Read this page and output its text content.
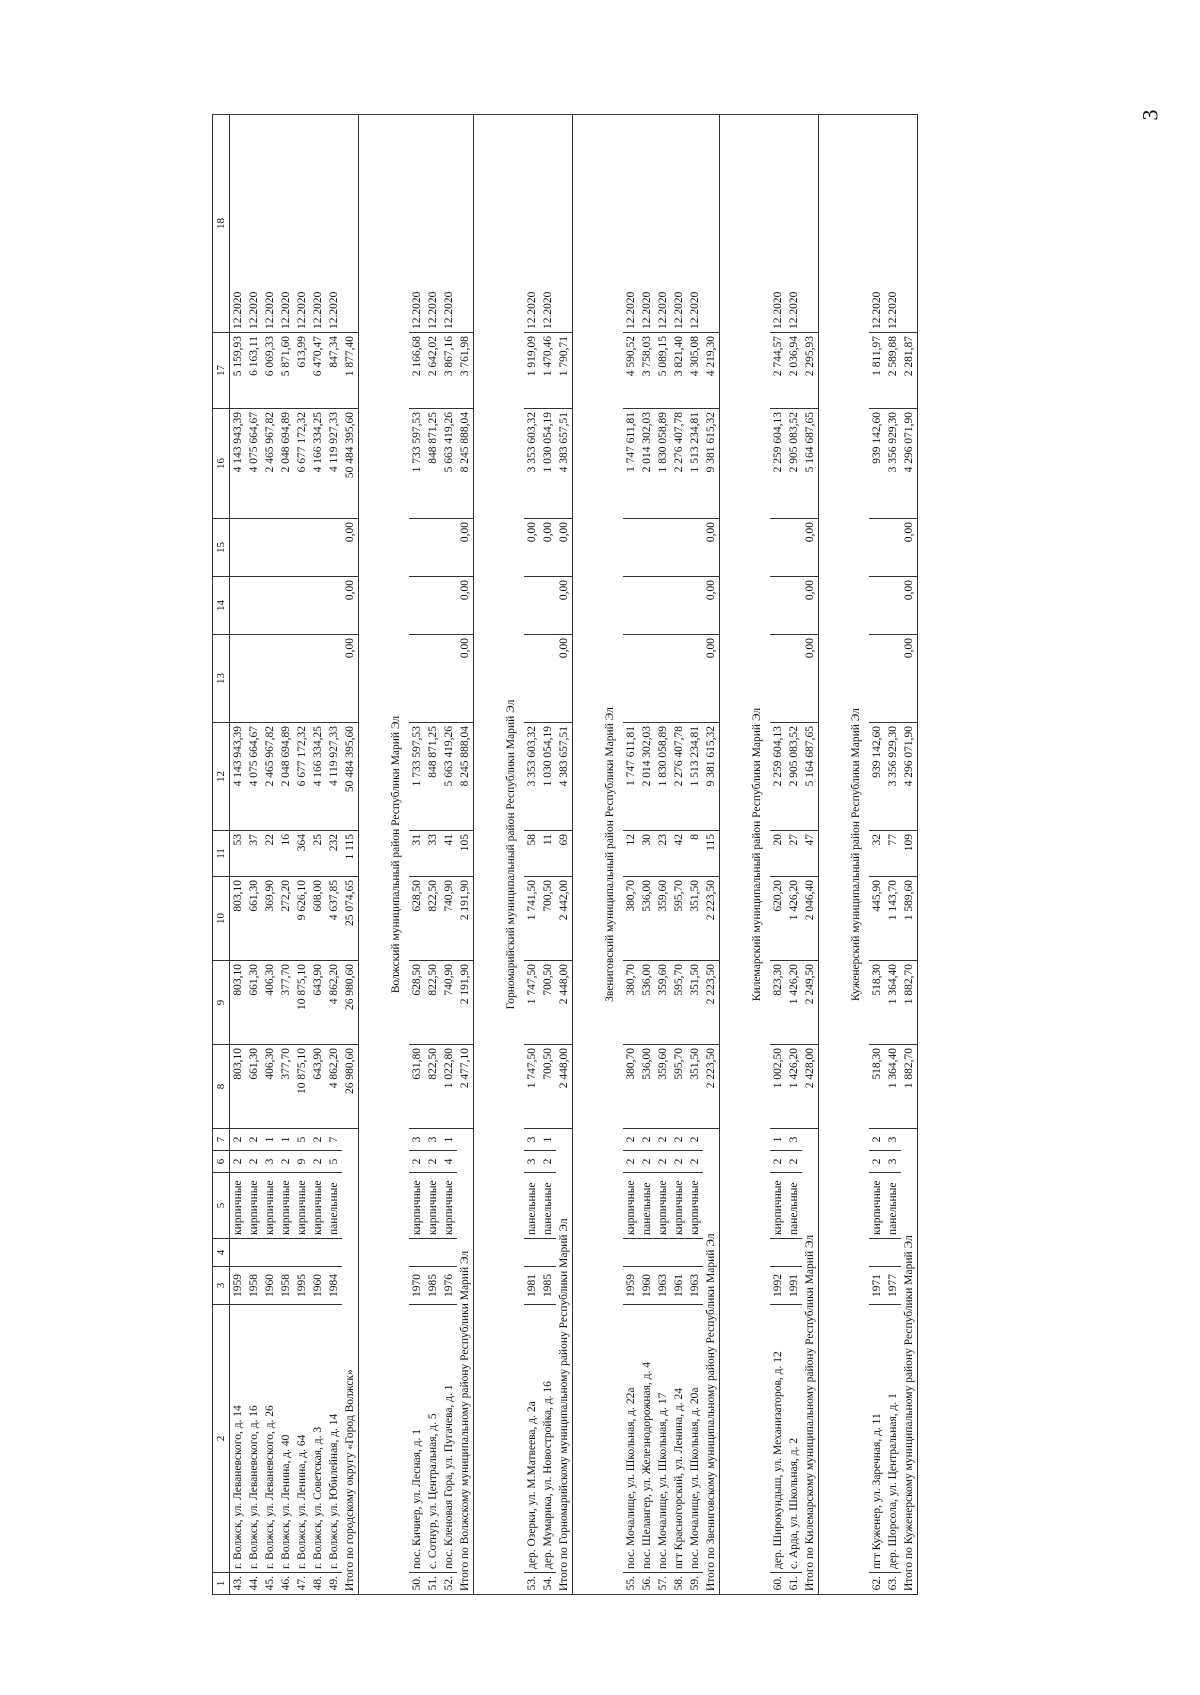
3
1	2	3	4	5	6	7	8	9	10	11	12	13	14	15	16	17	18
43.	г. Волжск, ул. Леваневского, д. 14	1959		кирпичные	2	2	803,10	803,10	803,10	53	4 143 943,39				4 143 943,39	5 159,93	12.2020
44.	г. Волжск, ул. Леваневского, д. 16	1958		кирпичные	2	2	661,30	661,30	661,30	37	4 075 664,67				4 075 664,67	6 163,11	12.2020
45.	г. Волжск, ул. Леваневского, д. 26	1960		кирпичные	3	1	406,30	406,30	369,90	22	2 465 967,82				2 465 967,82	6 069,33	12.2020
46.	г. Волжск, ул. Ленина, д. 40	1958		кирпичные	2	1	377,70	377,70	272,20	16	2 048 694,89				2 048 694,89	5 871,60	12.2020
47.	г. Волжск, ул. Ленина, д. 64	1995		кирпичные	9	5	10 875,10	10 875,10	9 626,10	364	6 677 172,32				6 677 172,32	613,99	12.2020
48.	г. Волжск, ул. Советская, д. 3	1960		кирпичные	2	2	643,90	643,90	608,00	25	4 166 334,25				4 166 334,25	6 470,47	12.2020
49.	г. Волжск, ул. Юбилейная, д. 14	1984		панельные	5	7	4 862,20	4 862,20	4 637,85	232	4 119 927,33				4 119 927,33	847,34	12.2020
Итого по городскому округу «Город Волжск»							26 980,60	26 980,60	25 074,65	1 115	50 484 395,60	0,00	0,00	0,00	50 484 395,60	1 877,40	

Волжский муниципальный район Республики Марий Эл																	
50.	пос. Кичиер, ул. Лесная, д. 1	1970		кирпичные	2	3	631,80	628,50	628,50	31	1 733 597,53				1 733 597,53	2 166,68	12.2020
51.	с. Сотнур, ул. Центральная, д. 5	1985		кирпичные	2	3	822,50	822,50	822,50	33	848 871,25				848 871,25	2 642,02	12.2020
52.	пос. Кленовая Гора, ул. Пугачева, д. 1	1976		кирпичные	4	1	1 022,80	740,90	740,90	41	5 663 419,26				5 663 419,26	3 867,16	12.2020
Итого по Волжскому муниципальному району Республики Марий Эл							2 477,10	2 191,90	2 191,90	105	8 245 888,04	0,00	0,00	0,00	8 245 888,04	3 761,98	

Горномарийский муниципальный район Республики Марий Эл																	
53.	дер. Озерки, ул. М.Матвеева, д. 2а	1981		панельные	3	3	1 747,50	1 747,50	1 741,50	58	3 353 603,32			0,00	3 353 603,32	1 919,09	12.2020
54.	дер. Мумарика, ул. Новостройка, д. 16	1985		панельные	2	1	700,50	700,50	700,50	11	1 030 054,19			0,00	1 030 054,19	1 470,46	12.2020
Итого по Горномарийскому муниципальному району Республики Марий Эл							2 448,00	2 448,00	2 442,00	69	4 383 657,51	0,00	0,00	0,00	4 383 657,51	1 790,71	

Звениговский муниципальный район Республики Марий Эл																	
55.	пос. Мочалище, ул. Школьная, д. 22а	1959		кирпичные	2	2	380,70	380,70	380,70	12	1 747 611,81				1 747 611,81	4 590,52	12.2020
56.	пос. Шелангер, ул. Железнодорожная, д. 4	1960		панельные	2	2	536,00	536,00	536,00	30	2 014 302,03				2 014 302,03	3 758,03	12.2020
57.	пос. Мочалище, ул. Школьная, д. 17	1963		кирпичные	2	2	359,60	359,60	359,60	23	1 830 058,89				1 830 058,89	5 089,15	12.2020
58.	пгт Красногорский, ул. Ленина, д. 24	1961		кирпичные	2	2	595,70	595,70	595,70	42	2 276 407,78				2 276 407,78	3 821,40	12.2020
59.	пос. Мочалище, ул. Школьная, д. 20а	1963		кирпичные	2	2	351,50	351,50	351,50	8	1 513 234,81				1 513 234,81	4 305,08	12.2020
Итого по Звениговскому муниципальному району Республики Марий Эл							2 223,50	2 223,50	2 223,50	115	9 381 615,32	0,00	0,00	0,00	9 381 615,32	4 219,30	

Килемарский муниципальный район Республики Марий Эл																	
60.	дер. Широкундыш, ул. Механизаторов, д. 12	1992		кирпичные	2	1	1 002,50	823,30	620,20	20	2 259 604,13				2 259 604,13	2 744,57	12.2020
61.	с. Арда, ул. Школьная, д. 2	1991		панельные	2	3	1 426,20	1 426,20	1 426,20	27	2 905 083,52				2 905 083,52	2 036,94	12.2020
Итого по Килемарскому муниципальному району Республики Марий Эл							2 428,00	2 249,50	2 046,40	47	5 164 687,65	0,00	0,00	0,00	5 164 687,65	2 295,93	

Куженерский муниципальный район Республики Марий Эл																	
62.	пгт Куженер, ул. Заречная, д. 11	1971		кирпичные	2	2	518,30	518,30	445,90	32	939 142,60				939 142,60	1 811,97	12.2020
63.	дер. Шорсола, ул. Центральная, д. 1	1977		панельные	3	3	1 364,40	1 364,40	1 143,70	77	3 356 929,30				3 356 929,30	2 589,88	12.2020
Итого по Куженерскому муниципальному району Республики Марий Эл							1 882,70	1 882,70	1 589,60	109	4 296 071,90	0,00	0,00	0,00	4 296 071,90	2 281,87	
